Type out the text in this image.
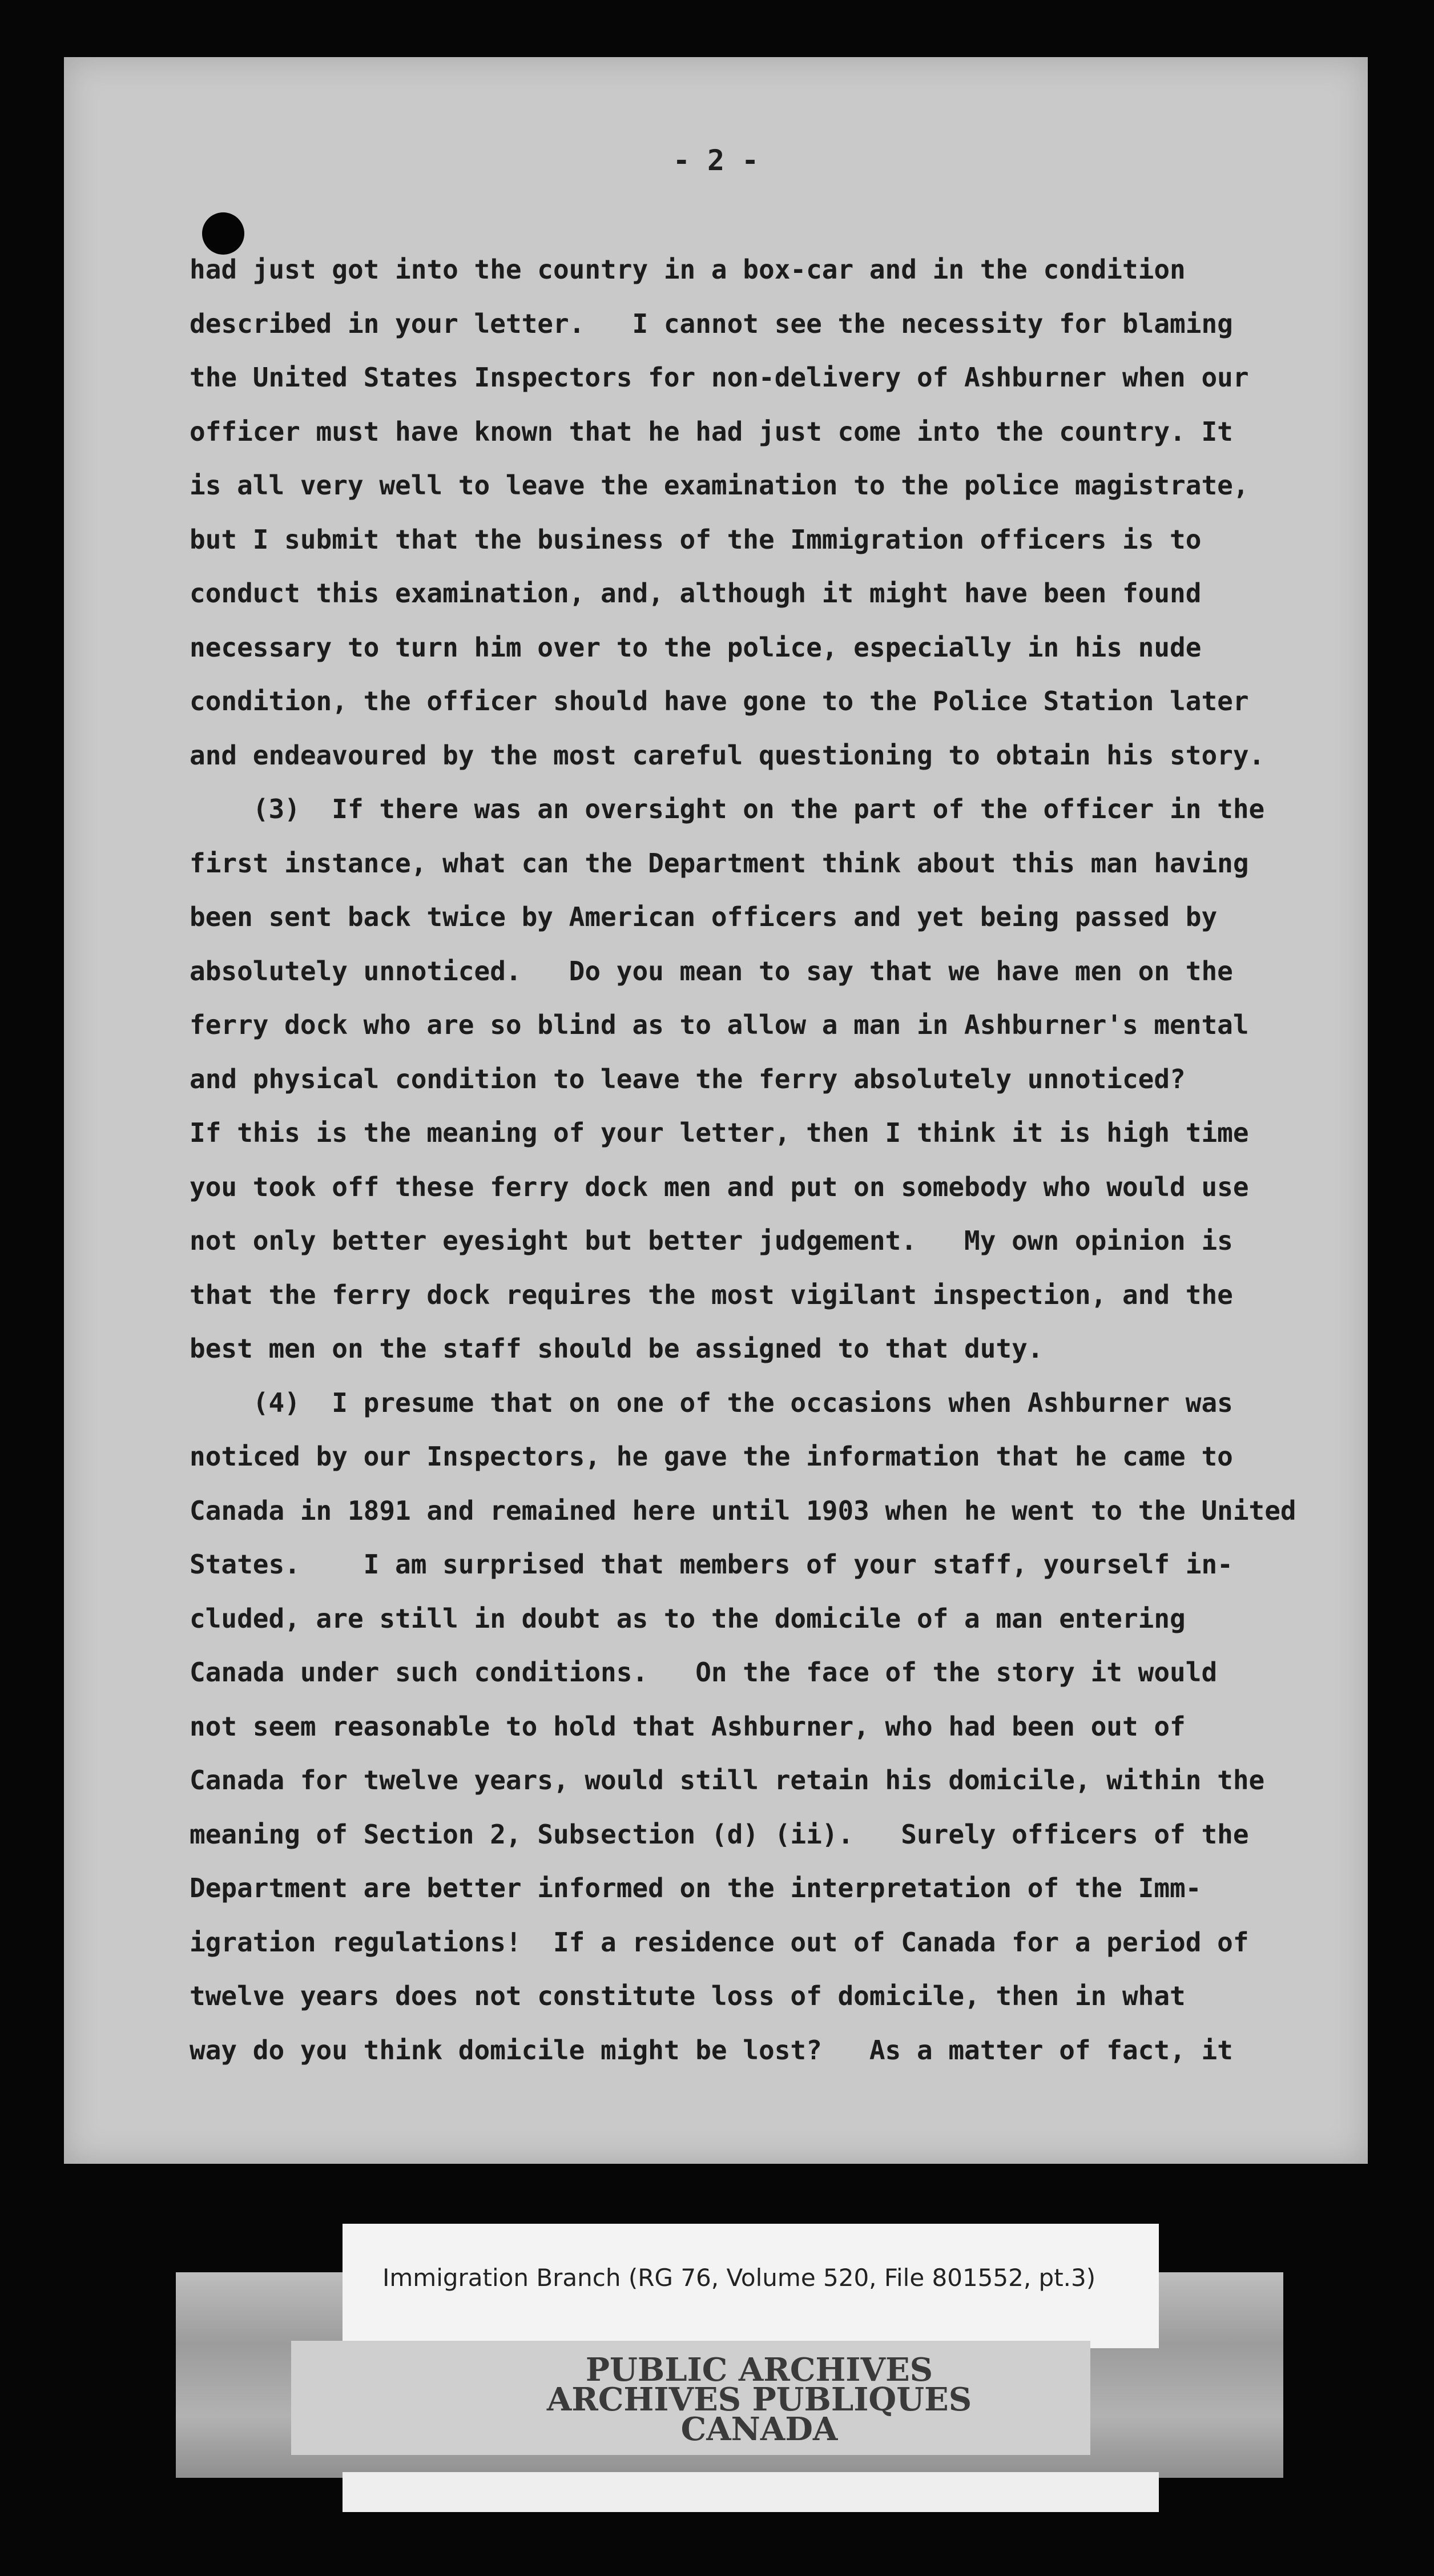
- 2 -
had just got into the country in a box-car and in the condition
described in your letter.   I cannot see the necessity for blaming
the United States Inspectors for non-delivery of Ashburner when our
officer must have known that he had just come into the country. It
is all very well to leave the examination to the police magistrate,
but I submit that the business of the Immigration officers is to
conduct this examination, and, although it might have been found
necessary to turn him over to the police, especially in his nude
condition, the officer should have gone to the Police Station later
and endeavoured by the most careful questioning to obtain his story.
(3)  If there was an oversight on the part of the officer in the
first instance, what can the Department think about this man having
been sent back twice by American officers and yet being passed by
absolutely unnoticed.   Do you mean to say that we have men on the
ferry dock who are so blind as to allow a man in Ashburner's mental
and physical condition to leave the ferry absolutely unnoticed?
If this is the meaning of your letter, then I think it is high time
you took off these ferry dock men and put on somebody who would use
not only better eyesight but better judgement.   My own opinion is
that the ferry dock requires the most vigilant inspection, and the
best men on the staff should be assigned to that duty.
(4)  I presume that on one of the occasions when Ashburner was
noticed by our Inspectors, he gave the information that he came to
Canada in 1891 and remained here until 1903 when he went to the United
States.    I am surprised that members of your staff, yourself in-
cluded, are still in doubt as to the domicile of a man entering
Canada under such conditions.   On the face of the story it would
not seem reasonable to hold that Ashburner, who had been out of
Canada for twelve years, would still retain his domicile, within the
meaning of Section 2, Subsection (d) (ii).   Surely officers of the
Department are better informed on the interpretation of the Imm-
igration regulations!  If a residence out of Canada for a period of
twelve years does not constitute loss of domicile, then in what
way do you think domicile might be lost?   As a matter of fact, it
Immigration Branch (RG 76, Volume 520, File 801552, pt.3)
PUBLIC ARCHIVES
ARCHIVES PUBLIQUES
CANADA
